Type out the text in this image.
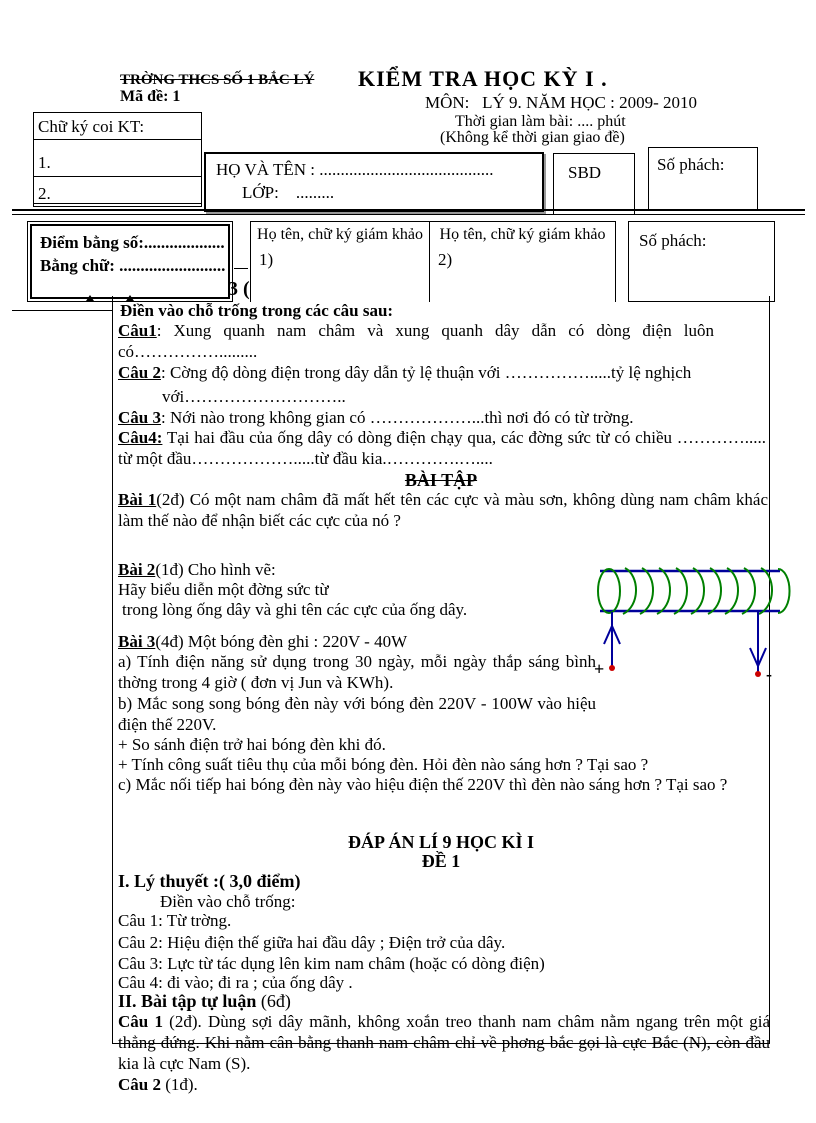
TRỜNG THCS SỐ 1 BẮC LÝ
Mã đề: 1
KIỂM TRA HỌC KỲ I .
MÔN:   LÝ 9. NĂM HỌC : 2009- 2010
Thời gian làm bài: .... phút
(Không kể thời gian giao đề)
Chữ ký coi KT:
1.
2.
HỌ VÀ TÊN : .........................................
LỚP:    .........
SBD	Số phách:
Điểm bằng số:...................
Bằng chữ: .........................
Họ tên, chữ ký giám khảo
1)
Họ tên, chữ ký giám khảo
2)
Số phách:
3 (
Điền vào chỗ trống trong các câu sau:
Câu1: Xung quanh nam châm và xung quanh dây dẫn có dòng điện luôn có…………….........
Câu 2: Cờng độ dòng điện trong dây dẫn tỷ lệ thuận với …………….....tỷ lệ nghịch
với………………………..
Câu 3: Nới nào trong không gian có ………………...thì nơi đó có từ trờng.
Câu4: Tại hai đầu của ống dây có dòng điện chạy qua, các đờng sức từ có chiều …………..... từ một đầu……………….....từ đầu kia.………….…....
BÀI TẬP
Bài 1(2đ) Có một nam châm đã mất hết tên các cực và màu sơn, không dùng nam châm khác làm thế nào để nhận biết các cực của nó ?
Bài 2(1đ) Cho hình vẽ:
Hãy biểu diễn một đờng sức từ
trong lòng ống dây và ghi tên các cực của ống dây.
Bài 3(4đ) Một bóng đèn ghi : 220V - 40W
a) Tính điện năng sử dụng trong 30 ngày, mỗi ngày thắp sáng bình thờng trong 4 giờ ( đơn vị Jun và KWh).
b) Mắc song song bóng đèn này với bóng đèn 220V - 100W vào hiệu điện thế 220V.
+ So sánh điện trở hai bóng đèn khi đó.
+ Tính công suất tiêu thụ của mỗi bóng đèn. Hỏi đèn nào sáng hơn ? Tại sao ?
c) Mắc nối tiếp hai bóng đèn này vào hiệu điện thế 220V thì đèn nào sáng hơn ? Tại sao ?
+	-
ĐÁP ÁN LÍ 9 HỌC KÌ I
ĐỀ 1
I. Lý thuyết :( 3,0 điểm)
Điền vào chỗ trống:
Câu 1: Từ trờng.
Câu 2: Hiệu điện thế giữa hai đầu dây ; Điện trở của dây.
Câu 3: Lực từ tác dụng lên kim nam châm (hoặc có dòng điện)
Câu 4: đi vào; đi ra ; của ống dây .
II. Bài tập tự luận (6đ)
Câu 1 (2đ). Dùng sợi dây mãnh, không xoắn treo thanh nam châm nằm ngang trên một giá thẳng đứng. Khi nằm cân bằng thanh nam châm chỉ về phơng bắc gọi là cực Bắc (N), còn đầu kia là cực Nam (S).
Câu 2 (1đ).
